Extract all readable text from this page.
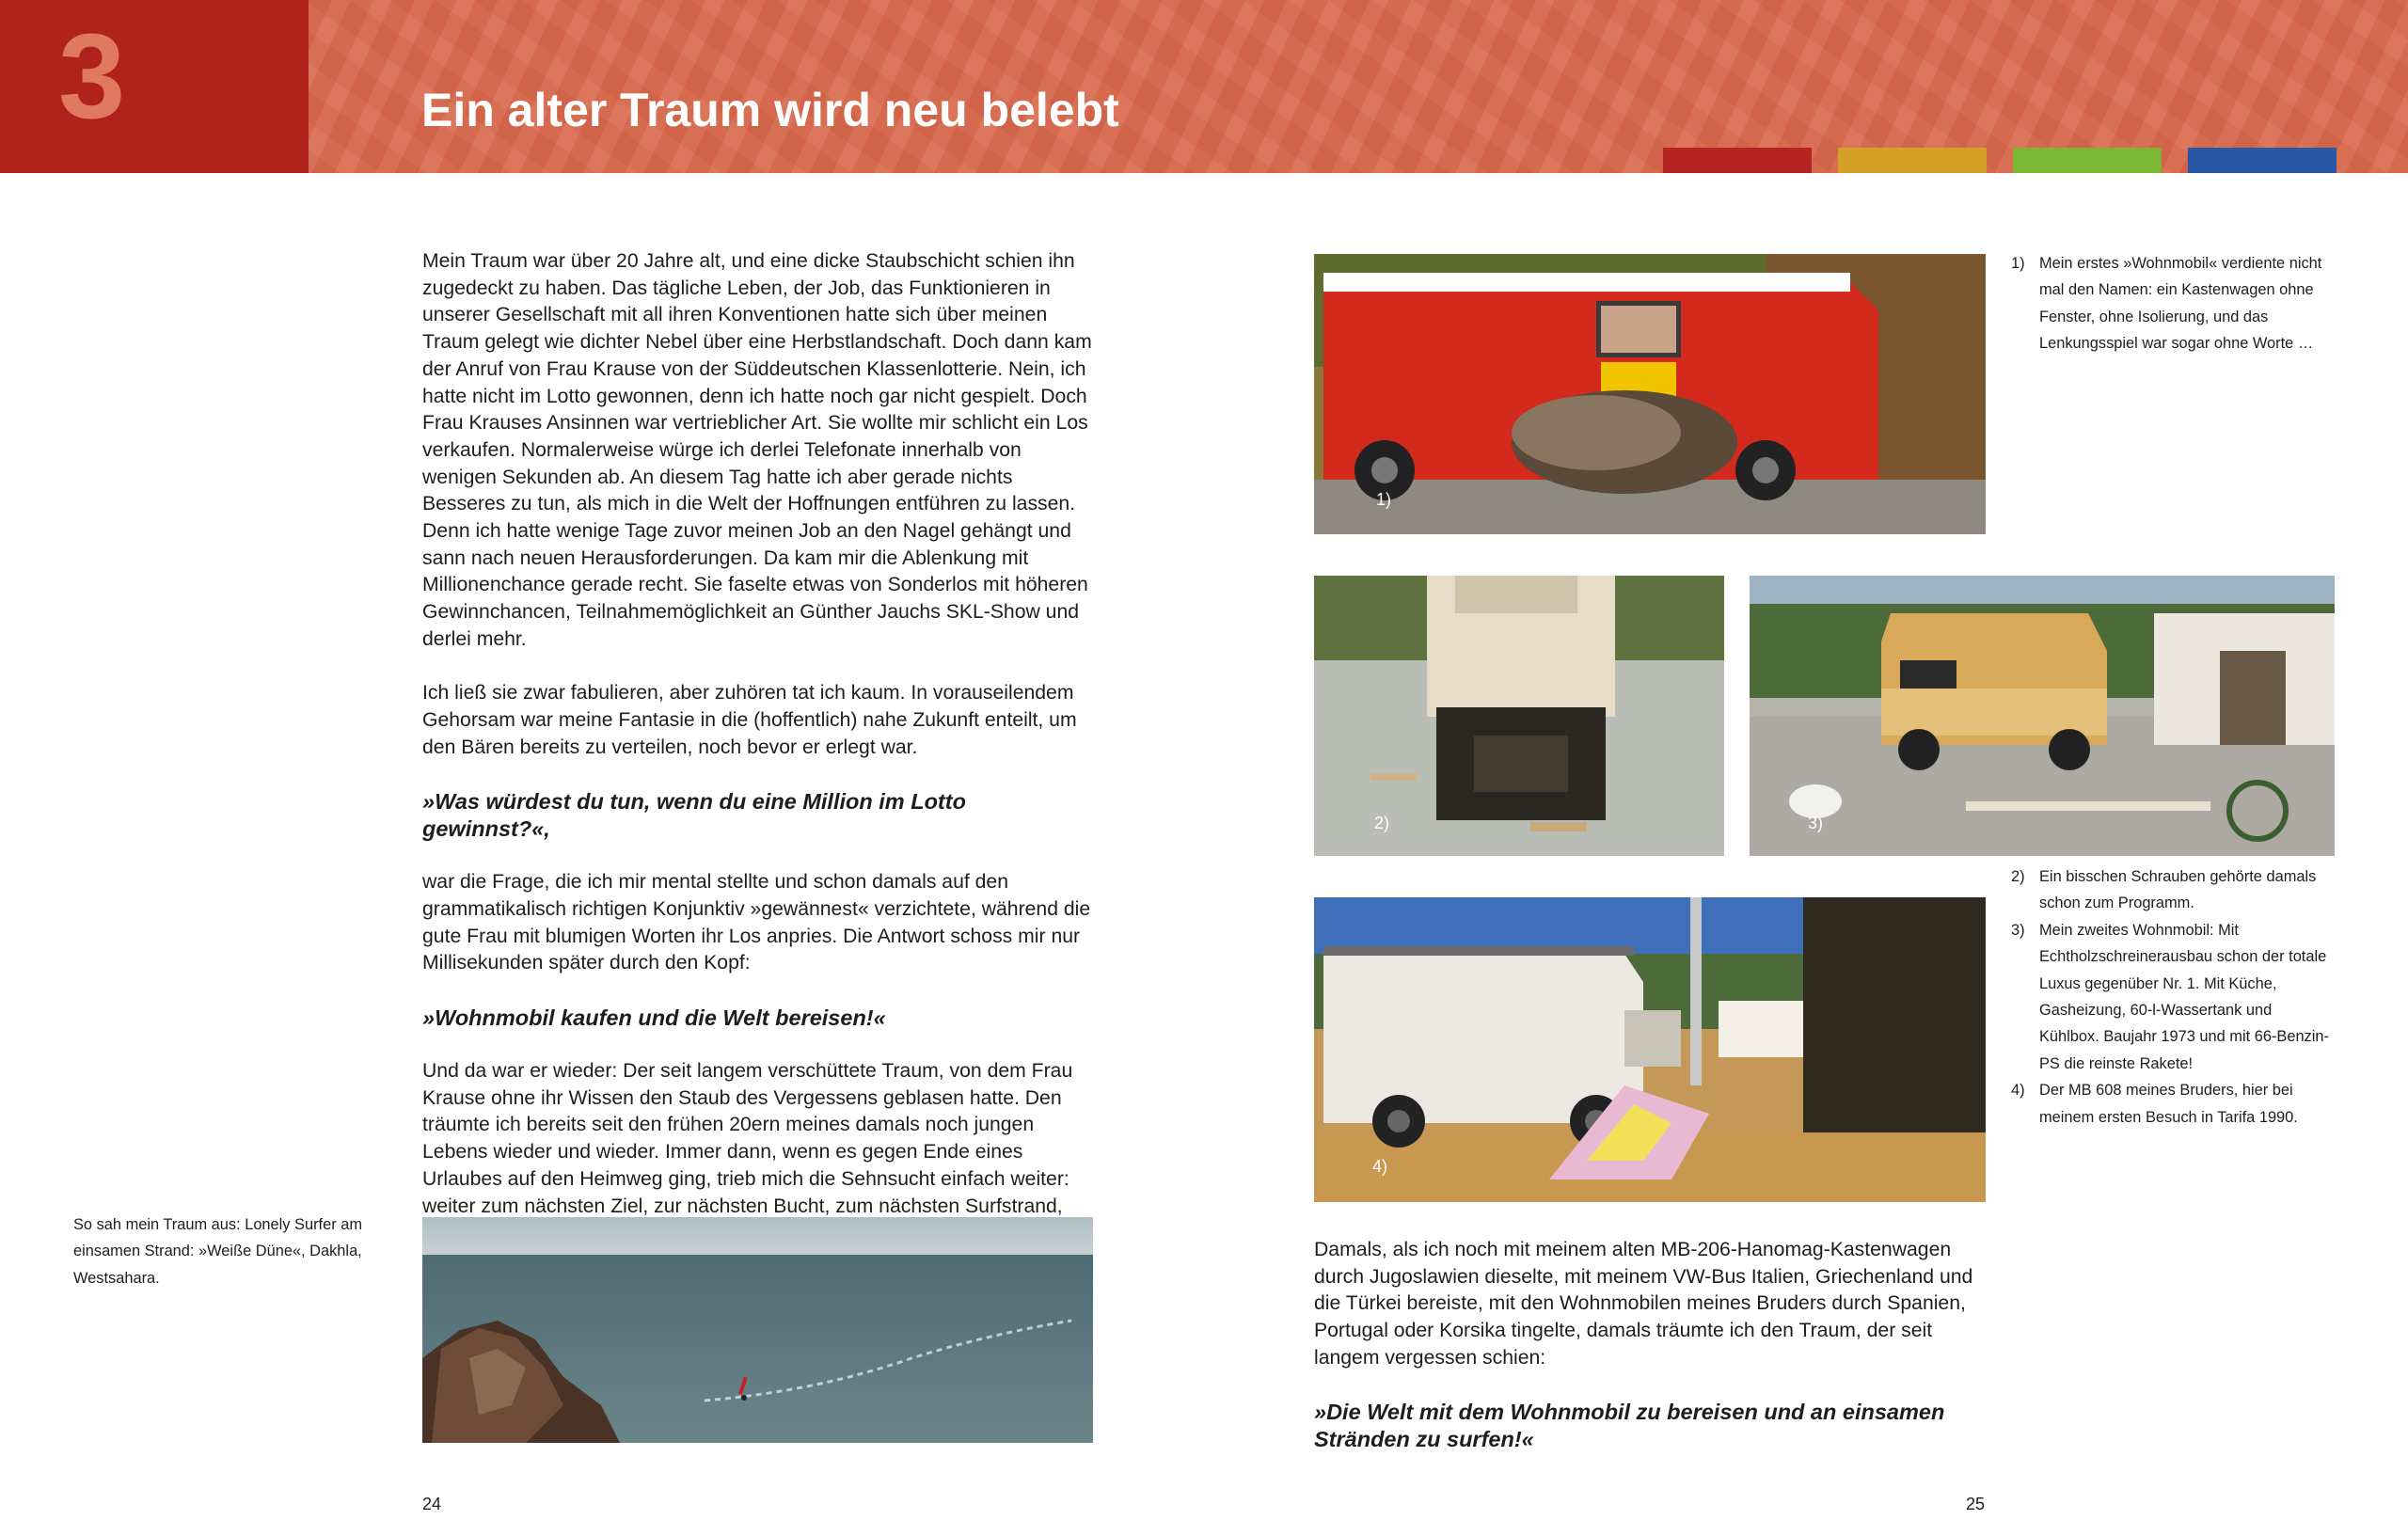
3	Ein alter Traum wird neu belebt

Mein Traum war über 20 Jahre alt, und eine dicke Staubschicht schien ihn zugedeckt zu haben. Das tägliche Leben, der Job, das Funktionieren in unserer Gesellschaft mit all ihren Konventionen hatte sich über meinen Traum gelegt wie dichter Nebel über eine Herbstlandschaft. Doch dann kam der Anruf von Frau Krause von der Süddeutschen Klassenlotterie. Nein, ich hatte nicht im Lotto gewonnen, denn ich hatte noch gar nicht gespielt. Doch Frau Krauses Ansinnen war vertrieblicher Art. Sie wollte mir schlicht ein Los verkaufen. Normalerweise würge ich derlei Telefonate innerhalb von wenigen Sekunden ab. An diesem Tag hatte ich aber gerade nichts Besseres zu tun, als mich in die Welt der Hoffnungen entführen zu lassen. Denn ich hatte wenige Tage zuvor meinen Job an den Nagel gehängt und sann nach neuen Herausforderungen. Da kam mir die Ablenkung mit Millionenchance gerade recht. Sie faselte etwas von Sonderlos mit höheren Gewinnchancen, Teilnahmemöglichkeit an Günther Jauchs SKL-Show und derlei mehr.

Ich ließ sie zwar fabulieren, aber zuhören tat ich kaum. In vorauseilendem Gehorsam war meine Fantasie in die (hoffentlich) nahe Zukunft enteilt, um den Bären bereits zu verteilen, noch bevor er erlegt war.

»Was würdest du tun, wenn du eine Million im Lotto gewinnst?«,

war die Frage, die ich mir mental stellte und schon damals auf den grammatikalisch richtigen Konjunktiv »gewännest« verzichtete, während die gute Frau mit blumigen Worten ihr Los anpries. Die Antwort schoss mir nur Millisekunden später durch den Kopf:

»Wohnmobil kaufen und die Welt bereisen!«

Und da war er wieder: Der seit langem verschüttete Traum, von dem Frau Krause ohne ihr Wissen den Staub des Vergessens geblasen hatte. Den träumte ich bereits seit den frühen 20ern meines damals noch jungen Lebens wieder und wieder. Immer dann, wenn es gegen Ende eines Urlaubes auf den Heimweg ging, trieb mich die Sehnsucht einfach weiter: weiter zum nächsten Ziel, zur nächsten Bucht, zum nächsten Surfstrand,

So sah mein Traum aus: Lonely Surfer am einsamen Strand: »Weiße Düne«, Dakhla, Westsahara.
24
1)
2)	3)
4)
1) Mein erstes »Wohnmobil« verdiente nicht mal den Namen: ein Kastenwagen ohne Fenster, ohne Isolierung, und das Lenkungsspiel war sogar ohne Worte …
2) Ein bisschen Schrauben gehörte damals schon zum Programm.
3) Mein zweites Wohnmobil: Mit Echtholzschreinerausbau schon der totale Luxus gegenüber Nr. 1. Mit Küche, Gasheizung, 60-l-Wassertank und Kühlbox. Baujahr 1973 und mit 66-Benzin-PS die reinste Rakete!
4) Der MB 608 meines Bruders, hier bei meinem ersten Besuch in Tarifa 1990.

Damals, als ich noch mit meinem alten MB-206-Hanomag-Kastenwagen durch Jugoslawien dieselte, mit meinem VW-Bus Italien, Griechenland und die Türkei bereiste, mit den Wohnmobilen meines Bruders durch Spanien, Portugal oder Korsika tingelte, damals träumte ich den Traum, der seit langem vergessen schien:

»Die Welt mit dem Wohnmobil zu bereisen und an einsamen Stränden zu surfen!«

25
